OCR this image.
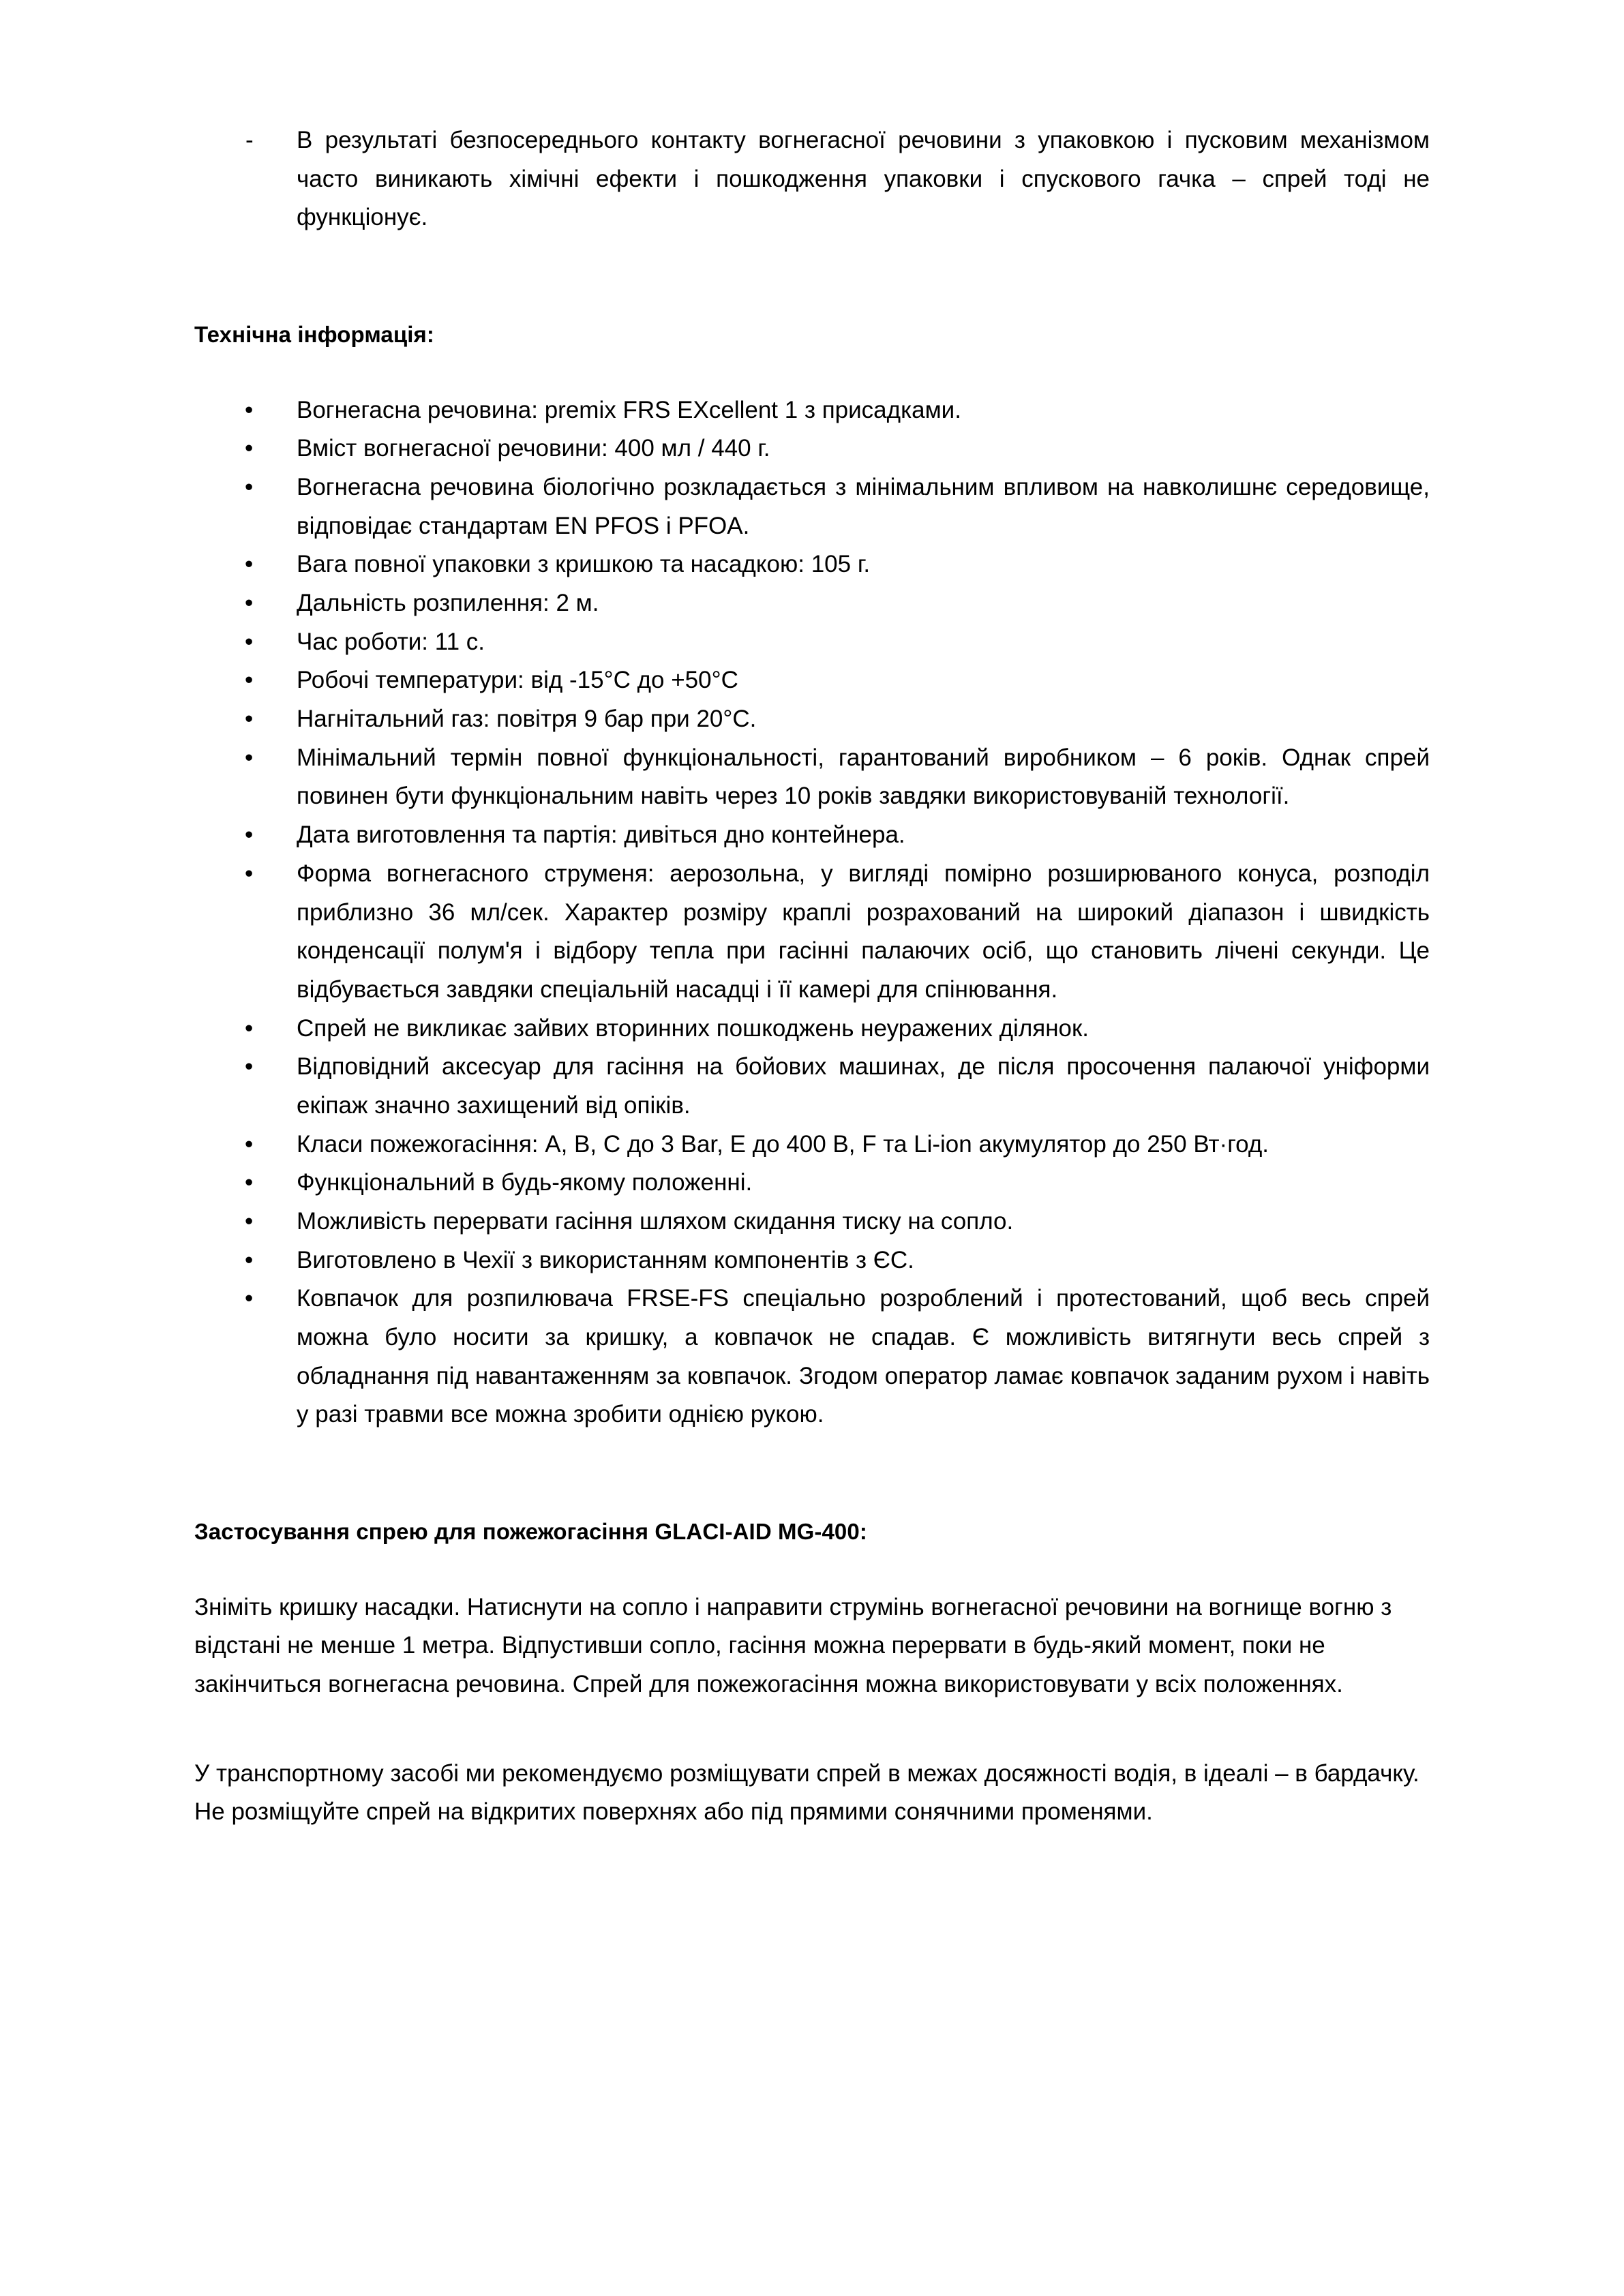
-	В результаті безпосереднього контакту вогнегасної речовини з упаковкою і пусковим механізмом часто виникають хімічні ефекти і пошкодження упаковки і спускового гачка – спрей тоді не функціонує.

Технічна інформація:

•	Вогнегасна речовина: premix FRS EXcellent 1 з присадками.
•	Вміст вогнегасної речовини: 400 мл / 440 г.
•	Вогнегасна речовина біологічно розкладається з мінімальним впливом на навколишнє середовище, відповідає стандартам EN PFOS і PFOA.
•	Вага повної упаковки з кришкою та насадкою: 105 г.
•	Дальність розпилення: 2 м.
•	Час роботи: 11 с.
•	Робочі температури: від -15°C до +50°C
•	Нагнітальний газ: повітря 9 бар при 20°C.
•	Мінімальний термін повної функціональності, гарантований виробником – 6 років. Однак спрей повинен бути функціональним навіть через 10 років завдяки використовуваній технології.
•	Дата виготовлення та партія: дивіться дно контейнера.
•	Форма вогнегасного струменя: аерозольна, у вигляді помірно розширюваного конуса, розподіл приблизно 36 мл/сек. Характер розміру краплі розрахований на широкий діапазон і швидкість конденсації полум'я і відбору тепла при гасінні палаючих осіб, що становить лічені секунди. Це відбувається завдяки спеціальній насадці і її камері для спінювання.
•	Спрей не викликає зайвих вторинних пошкоджень неуражених ділянок.
•	Відповідний аксесуар для гасіння на бойових машинах, де після просочення палаючої уніформи екіпаж значно захищений від опіків.
•	Класи пожежогасіння: A, B, C до 3 Bar, E до 400 B, F та Li-ion акумулятор до 250 Вт·год.
•	Функціональний в будь-якому положенні.
•	Можливість перервати гасіння шляхом скидання тиску на сопло.
•	Виготовлено в Чехії з використанням компонентів з ЄС.
•	Ковпачок для розпилювача FRSE-FS спеціально розроблений і протестований, щоб весь спрей можна було носити за кришку, а ковпачок не спадав. Є можливість витягнути весь спрей з обладнання під навантаженням за ковпачок. Згодом оператор ламає ковпачок заданим рухом і навіть у разі травми все можна зробити однією рукою.

Застосування спрею для пожежогасіння GLACI-AID MG-400:

Зніміть кришку насадки. Натиснути на сопло і направити струмінь вогнегасної речовини на вогнище вогню з відстані не менше 1 метра. Відпустивши сопло, гасіння можна перервати в будь-який момент, поки не закінчиться вогнегасна речовина. Спрей для пожежогасіння можна використовувати у всіх положеннях.

У транспортному засобі ми рекомендуємо розміщувати спрей в межах досяжності водія, в ідеалі – в бардачку. Не розміщуйте спрей на відкритих поверхнях або під прямими сонячними променями.
